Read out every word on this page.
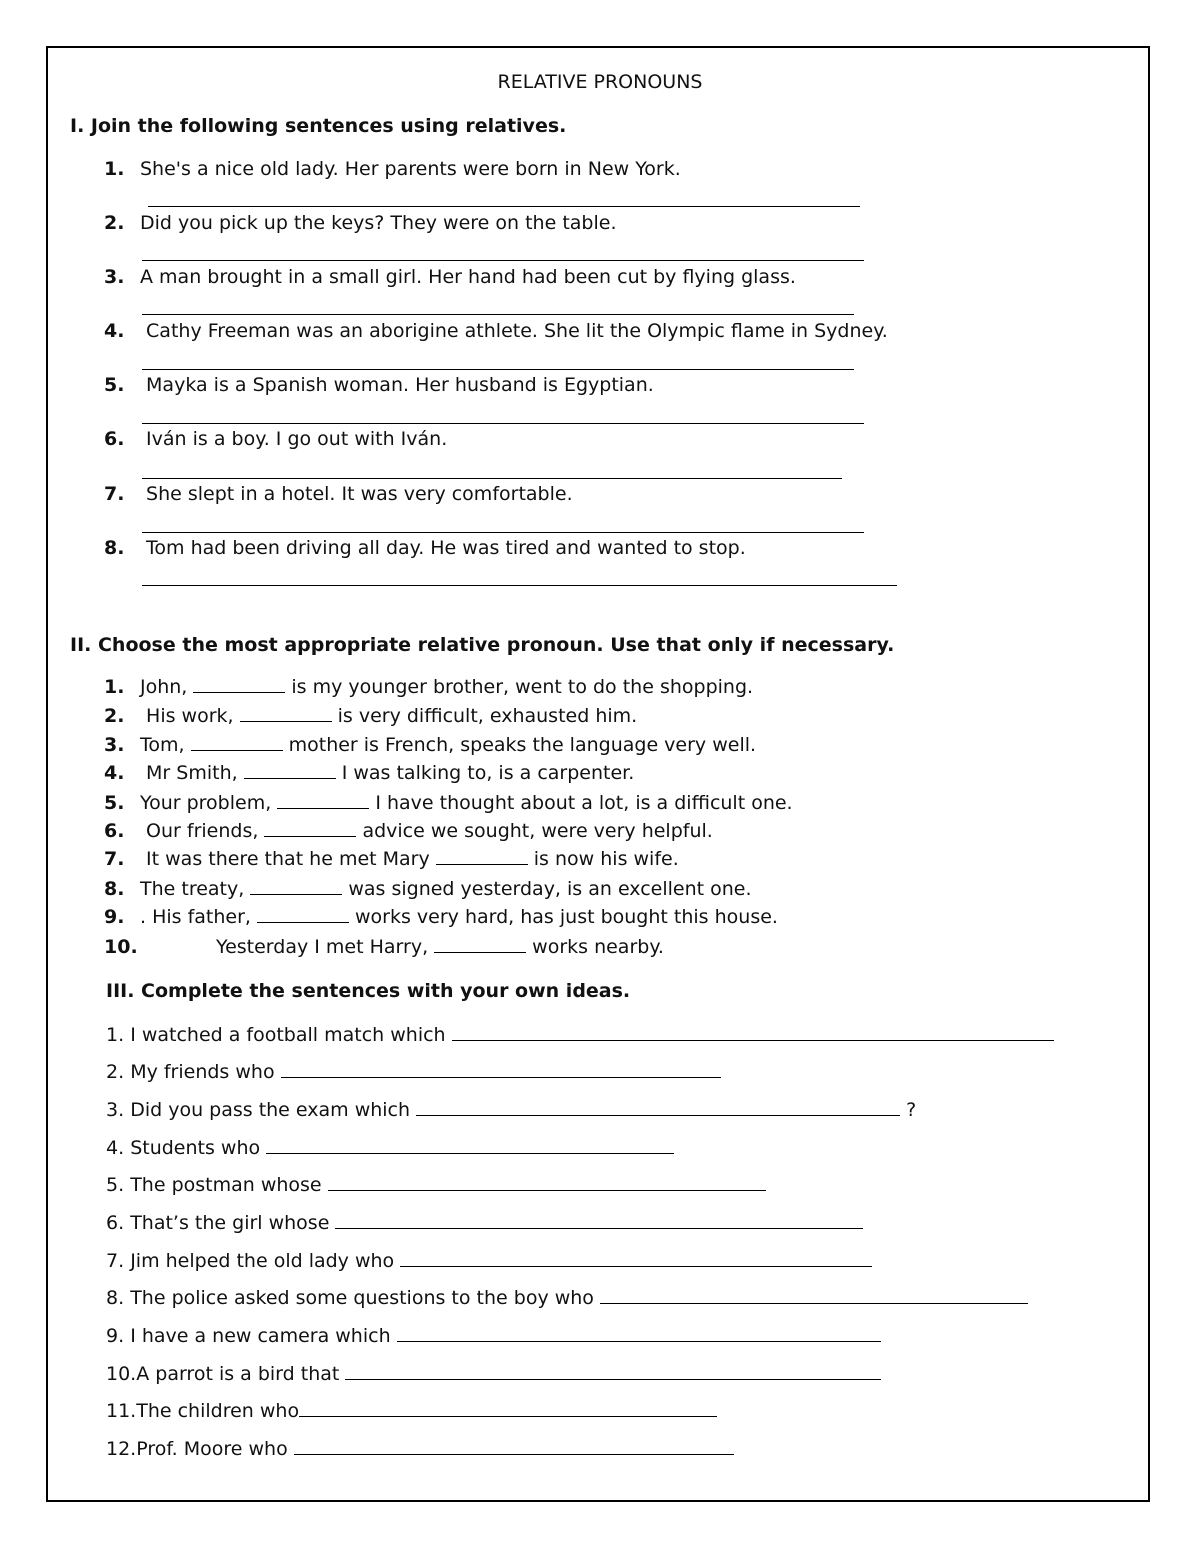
RELATIVE PRONOUNS
I. Join the following sentences using relatives.
1. She's a nice old lady. Her parents were born in New York.
2. Did you pick up the keys? They were on the table.
3. A man brought in a small girl. Her hand had been cut by flying glass.
4. Cathy Freeman was an aborigine athlete. She lit the Olympic flame in Sydney.
5. Mayka is a Spanish woman. Her husband is Egyptian.
6. Iván is a boy. I go out with Iván.
7. She slept in a hotel. It was very comfortable.
8. Tom had been driving all day. He was tired and wanted to stop.
II. Choose the most appropriate relative pronoun. Use that only if necessary.
1. John,	is my younger brother, went to do the shopping.
2. His work,	is very difficult, exhausted him.
3. Tom,	mother is French, speaks the language very well.
4. Mr Smith,	I was talking to, is a carpenter.
5. Your problem,	I have thought about a lot, is a difficult one.
6. Our friends,	advice we sought, were very helpful.
7. It was there that he met Mary	is now his wife.
8. The treaty,	was signed yesterday, is an excellent one.
9. . His father,	works very hard, has just bought this house.
10.	Yesterday I met Harry,	works nearby.
III. Complete the sentences with your own ideas.
1. I watched a football match which
2. My friends who
3. Did you pass the exam which	?
4. Students who
5. The postman whose
6. That’s the girl whose
7. Jim helped the old lady who
8. The police asked some questions to the boy who
9. I have a new camera which
10.A parrot is a bird that
11.The children who
12.Prof. Moore who
